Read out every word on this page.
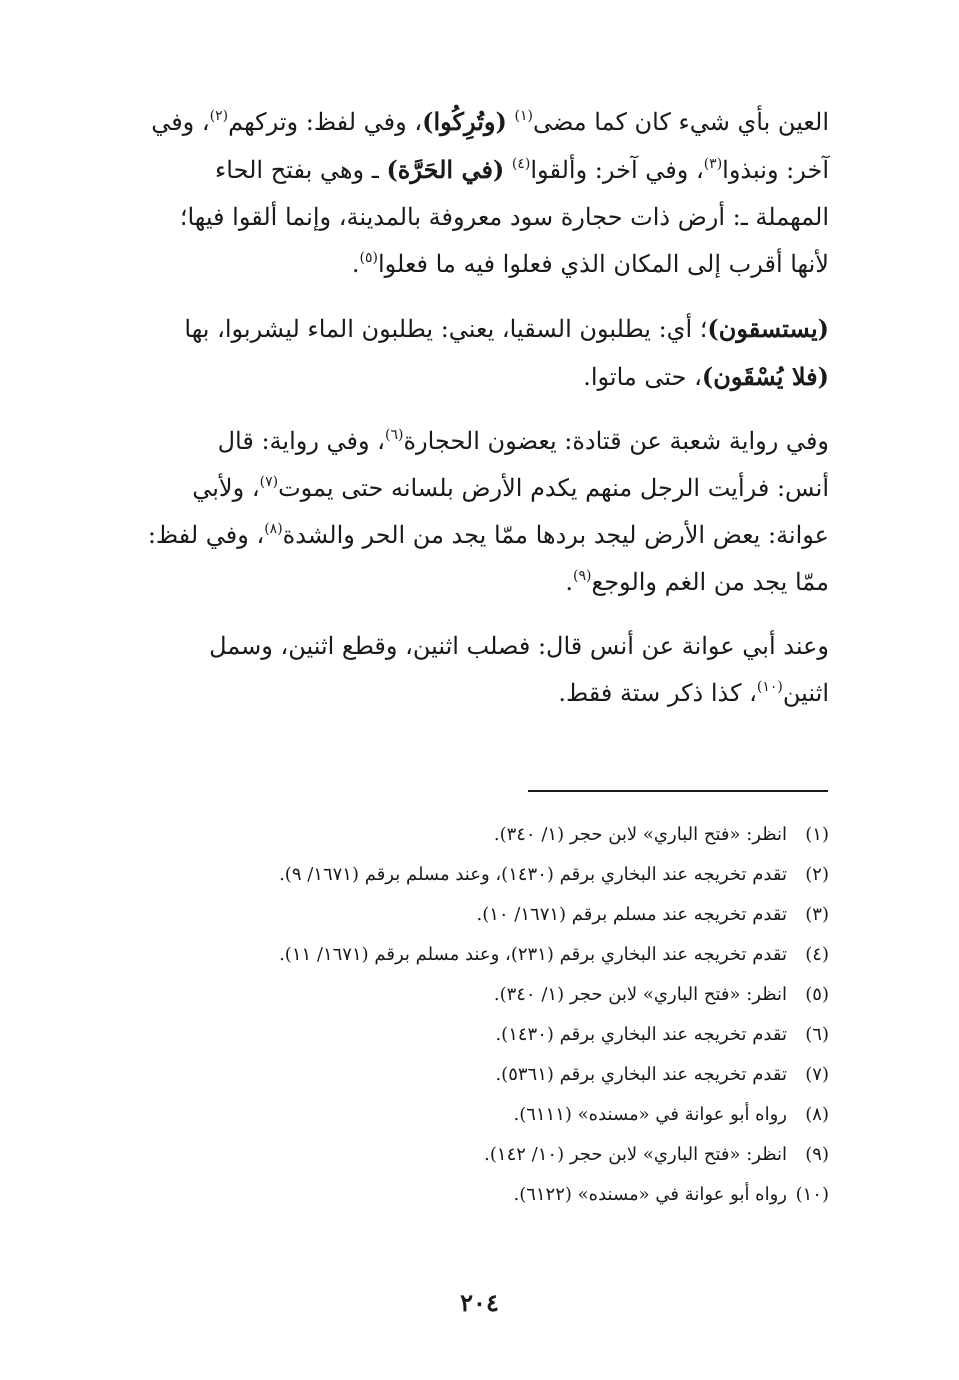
العين بأي شيء كان كما مضى$^{(١)}$ (وتُرِكُوا)، وفي لفظ: وتركهم$^{(٢)}$، وفي
آخر: ونبذوا$^{(٣)}$، وفي آخر: وألقوا$^{(٤)}$ (في الحَرَّة) ـ وهي بفتح الحاء
المهملة ـ: أرض ذات حجارة سود معروفة بالمدينة، وإنما ألقوا فيها؛
لأنها أقرب إلى المكان الذي فعلوا فيه ما فعلوا$^{(٥)}$.
(يستسقون)؛ أي: يطلبون السقيا، يعني: يطلبون الماء ليشربوا، بها
(فلا يُسْقَون)، حتى ماتوا.
وفي رواية شعبة عن قتادة: يعضون الحجارة$^{(٦)}$، وفي رواية: قال
أنس: فرأيت الرجل منهم يكدم الأرض بلسانه حتى يموت$^{(٧)}$، ولأبي
عوانة: يعض الأرض ليجد بردها ممّا يجد من الحر والشدة$^{(٨)}$، وفي لفظ:
ممّا يجد من الغم والوجع$^{(٩)}$.
وعند أبي عوانة عن أنس قال: فصلب اثنين، وقطع اثنين، وسمل
اثنين$^{(١٠)}$، كذا ذكر ستة فقط.
(١)انظر: «فتح الباري» لابن حجر (١/ ٣٤٠).
(٢)تقدم تخريجه عند البخاري برقم (١٤٣٠)، وعند مسلم برقم (١٦٧١/ ٩).
(٣)تقدم تخريجه عند مسلم برقم (١٦٧١/ ١٠).
(٤)تقدم تخريجه عند البخاري برقم (٢٣١)، وعند مسلم برقم (١٦٧١/ ١١).
(٥)انظر: «فتح الباري» لابن حجر (١/ ٣٤٠).
(٦)تقدم تخريجه عند البخاري برقم (١٤٣٠).
(٧)تقدم تخريجه عند البخاري برقم (٥٣٦١).
(٨)رواه أبو عوانة في «مسنده» (٦١١١).
(٩)انظر: «فتح الباري» لابن حجر (١٠/ ١٤٢).
(١٠)رواه أبو عوانة في «مسنده» (٦١٢٢).
٢٠٤
